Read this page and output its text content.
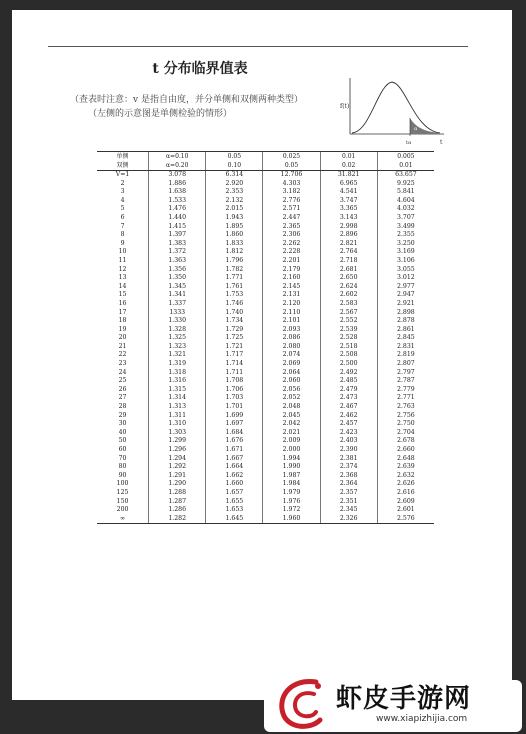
t 分布临界值表
（查表时注意：v 是指自由度，并分单侧和双侧两种类型）
（左侧的示意图是单侧检验的情形）
f(t)
t
tα
α
单侧	α=0.10	0.05	0.025	0.01	0.005
双侧	α=0.20	0.10	0.05	0.02	0.01
V=1	3.078	6.314	12.706	31.821	63.657
2	1.886	2.920	4.303	6.965	9.925
3	1.638	2.353	3.182	4.541	5.841
4	1.533	2.132	2.776	3.747	4.604
5	1.476	2.015	2.571	3.365	4.032
6	1.440	1.943	2.447	3.143	3.707
7	1.415	1.895	2.365	2.998	3.499
8	1.397	1.860	2.306	2.896	2.355
9	1.383	1.833	2.262	2.821	3.250
10	1.372	1.812	2.228	2.764	3.169
11	1.363	1.796	2.201	2.718	3.106
12	1.356	1.782	2.179	2.681	3.055
13	1.350	1.771	2.160	2.650	3.012
14	1.345	1.761	2.145	2.624	2.977
15	1.341	1.753	2.131	2.602	2.947
16	1.337	1.746	2.120	2.583	2.921
17	1333	1.740	2.110	2.567	2.898
18	1.330	1.734	2.101	2.552	2.878
19	1.328	1.729	2.093	2.539	2.861
20	1.325	1.725	2.086	2.528	2.845
21	1.323	1.721	2.080	2.518	2.831
22	1.321	1.717	2.074	2.508	2.819
23	1.319	1.714	2.069	2.500	2.807
24	1.318	1.711	2.064	2.492	2.797
25	1.316	1.708	2.060	2.485	2.787
26	1.315	1.706	2.056	2.479	2.779
27	1.314	1.703	2.052	2.473	2.771
28	1.313	1.701	2.048	2.467	2.763
29	1.311	1.699	2.045	2.462	2.756
30	1.310	1.697	2.042	2.457	2.750
40	1.303	1.684	2.021	2.423	2.704
50	1.299	1.676	2.009	2.403	2.678
60	1.296	1.671	2.000	2.390	2.660
70	1.294	1.667	1.994	2.381	2.648
80	1.292	1.664	1.990	2.374	2.639
90	1.291	1.662	1.987	2.368	2.632
100	1.290	1.660	1.984	2.364	2.626
125	1.288	1.657	1.979	2.357	2.616
150	1.287	1.655	1.976	2.351	2.609
200	1.286	1.653	1.972	2.345	2.601
∞	1.282	1.645	1.960	2.326	2.576
虾皮手游网
www.xiapizhijia.com
